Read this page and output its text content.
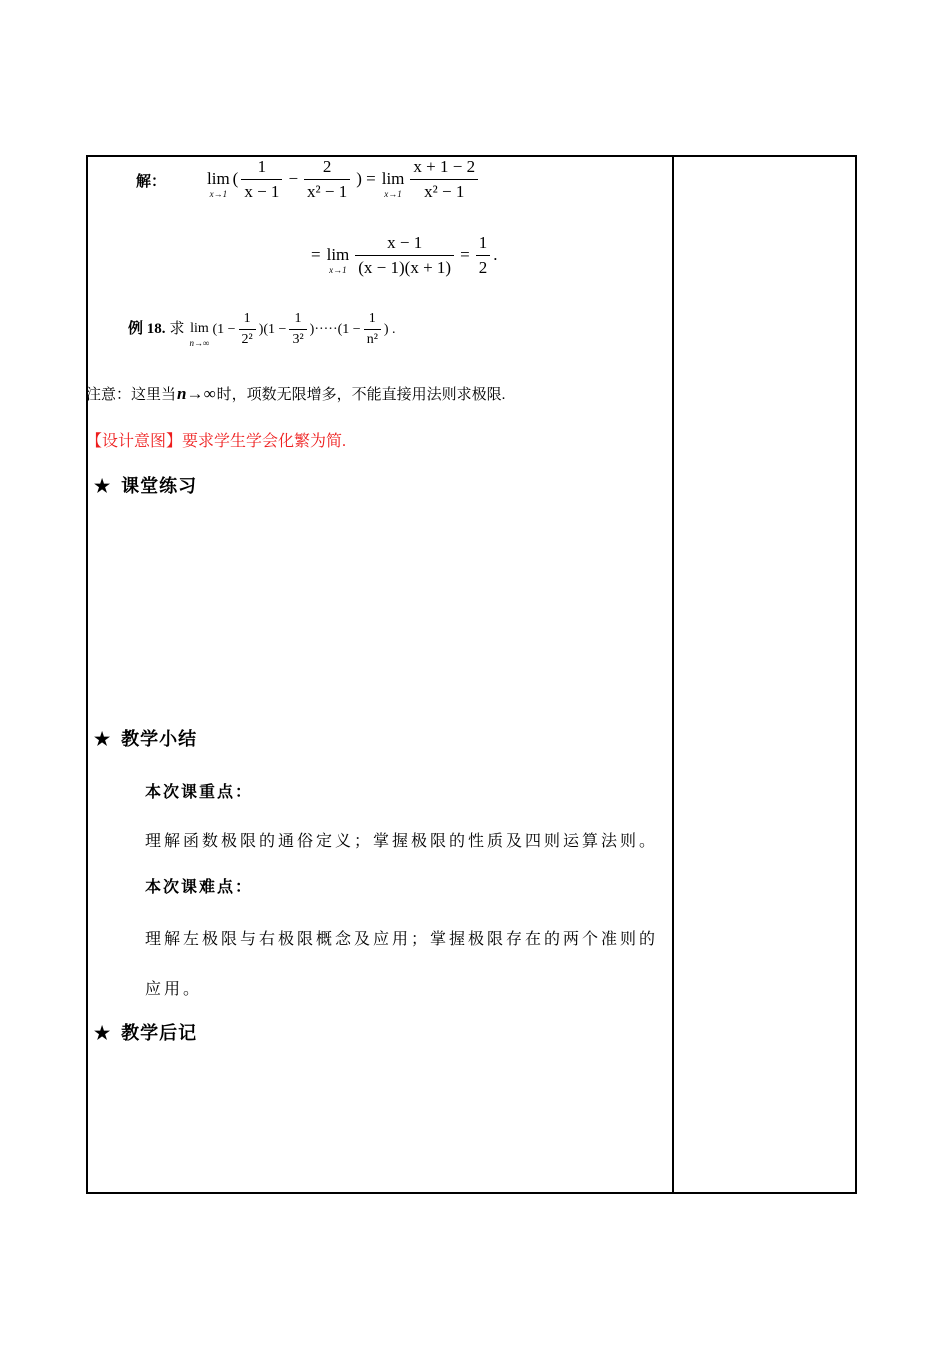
解： lim
x→1
( $\frac{1}{x - 1} - \frac{2}{\text{x² − 1}}$ ) = lim
$x\to 1 \frac{x + 1 - 2}{\text{x² − 1}}$
= lim
$x\to 1 \frac{x - 1}{(x - 1)(x + 1)} = \frac{1}{2}$ .
例 18. 求 lim
n→∞
$(1 - \frac{1}{\text{2²}} )(1 - \frac{1}{\text{3²}} )\cdot\cdot\cdot\cdot\cdot(1 - \frac{1}{\text{n²}}$ ) .
注意：这里当n→∞时，项数无限增多，不能直接用法则求极限.
【设计意图】要求学生学会化繁为简.
★ 课堂练习
★ 教学小结
本次课重点：
理解函数极限的通俗定义；掌握极限的性质及四则运算法则。
本次课难点：
理解左极限与右极限概念及应用；掌握极限存在的两个准则的
应用。
★ 教学后记
